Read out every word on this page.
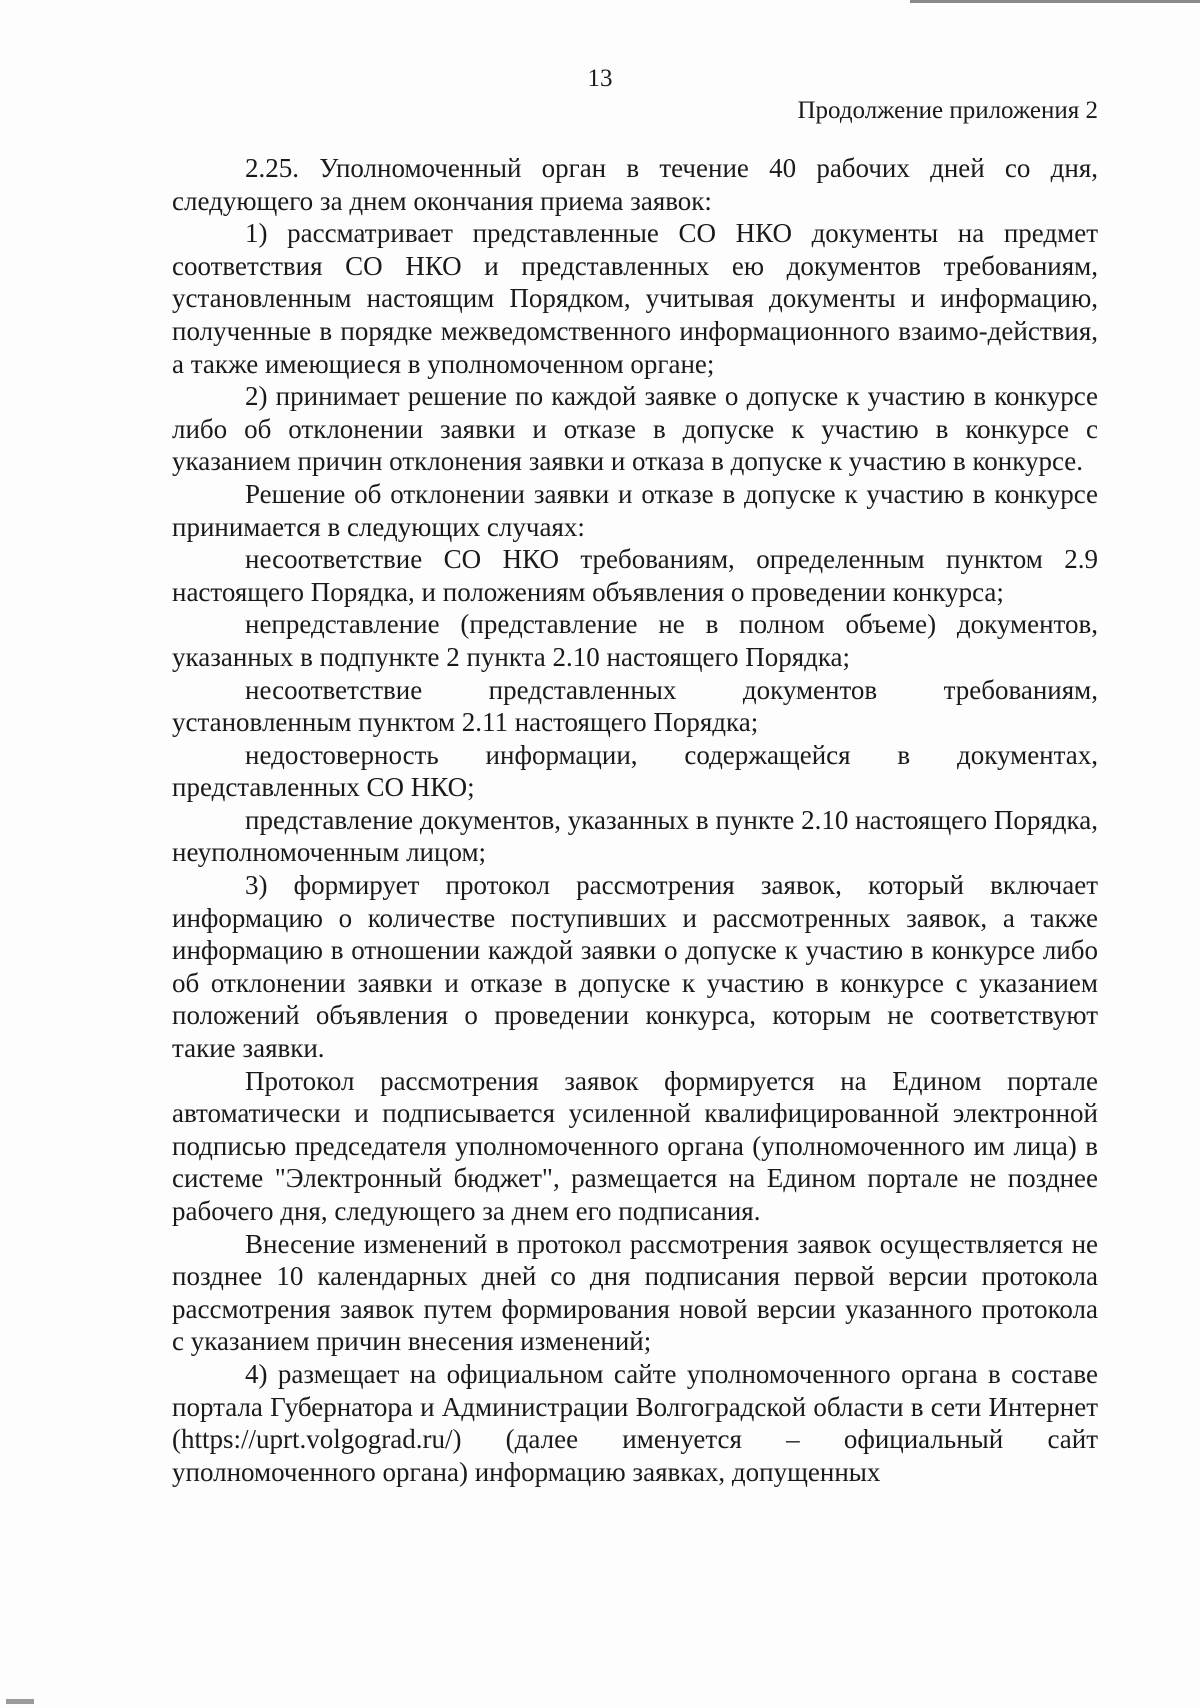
13
Продолжение приложения 2

2.25. Уполномоченный орган в течение 40 рабочих дней со дня, следующего за днем окончания приема заявок:

1) рассматривает представленные СО НКО документы на предмет соответствия СО НКО и представленных ею документов требованиям, установленным настоящим Порядком, учитывая документы и информацию, полученные в порядке межведомственного информационного взаимо-действия, а также имеющиеся в уполномоченном органе;

2) принимает решение по каждой заявке о допуске к участию в конкурсе либо об отклонении заявки и отказе в допуске к участию в конкурсе с указанием причин отклонения заявки и отказа в допуске к участию в конкурсе.

Решение об отклонении заявки и отказе в допуске к участию в конкурсе принимается в следующих случаях:

несоответствие СО НКО требованиям, определенным пунктом 2.9 настоящего Порядка, и положениям объявления о проведении конкурса;

непредставление (представление не в полном объеме) документов, указанных в подпункте 2 пункта 2.10 настоящего Порядка;

несоответствие представленных документов требованиям, установленным пунктом 2.11 настоящего Порядка;

недостоверность информации, содержащейся в документах, представленных СО НКО;

представление документов, указанных в пункте 2.10 настоящего Порядка, неуполномоченным лицом;

3) формирует протокол рассмотрения заявок, который включает информацию о количестве поступивших и рассмотренных заявок, а также информацию в отношении каждой заявки о допуске к участию в конкурсе либо об отклонении заявки и отказе в допуске к участию в конкурсе с указанием положений объявления о проведении конкурса, которым не соответствуют такие заявки.

Протокол рассмотрения заявок формируется на Едином портале автоматически и подписывается усиленной квалифицированной электронной подписью председателя уполномоченного органа (уполномоченного им лица) в системе "Электронный бюджет", размещается на Едином портале не позднее рабочего дня, следующего за днем его подписания.

Внесение изменений в протокол рассмотрения заявок осуществляется не позднее 10 календарных дней со дня подписания первой версии протокола рассмотрения заявок путем формирования новой версии указанного протокола с указанием причин внесения изменений;

4) размещает на официальном сайте уполномоченного органа в составе портала Губернатора и Администрации Волгоградской области в сети Интернет (https://uprt.volgograd.ru/) (далее именуется – официальный сайт уполномоченного органа) информацию заявках, допущенных
